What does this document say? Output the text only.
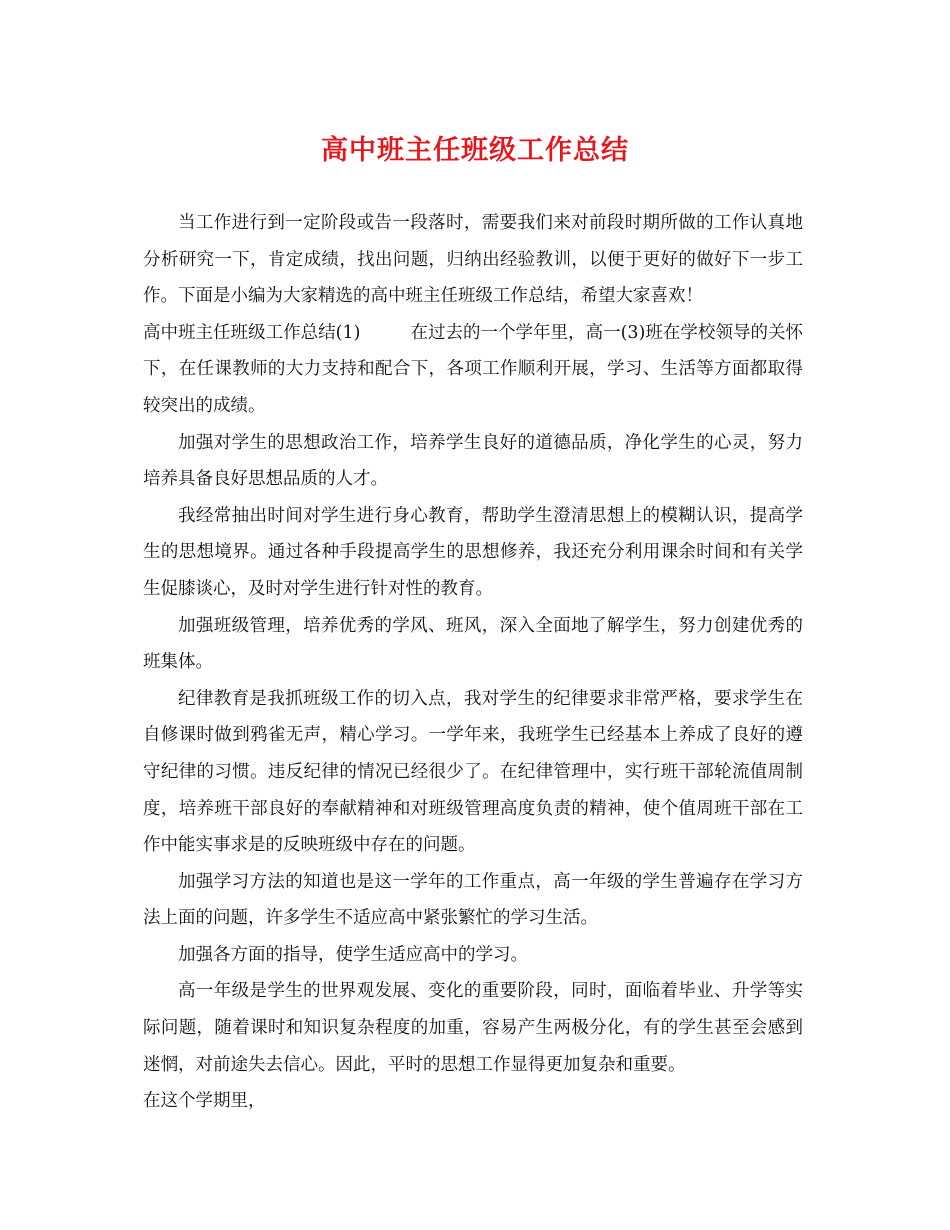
高中班主任班级工作总结

当工作进行到一定阶段或告一段落时，需要我们来对前段时期所做的工作认真地分析研究一下，肯定成绩，找出问题，归纳出经验教训，以便于更好的做好下一步工作。下面是小编为大家精选的高中班主任班级工作总结，希望大家喜欢！

高中班主任班级工作总结(1)	在过去的一个学年里，高一(3)班在学校领导的关怀下，在任课教师的大力支持和配合下，各项工作顺利开展，学习、生活等方面都取得较突出的成绩。

加强对学生的思想政治工作，培养学生良好的道德品质，净化学生的心灵，努力培养具备良好思想品质的人才。

我经常抽出时间对学生进行身心教育，帮助学生澄清思想上的模糊认识，提高学生的思想境界。通过各种手段提高学生的思想修养，我还充分利用课余时间和有关学生促膝谈心，及时对学生进行针对性的教育。

加强班级管理，培养优秀的学风、班风，深入全面地了解学生，努力创建优秀的班集体。

纪律教育是我抓班级工作的切入点，我对学生的纪律要求非常严格，要求学生在自修课时做到鸦雀无声，精心学习。一学年来，我班学生已经基本上养成了良好的遵守纪律的习惯。违反纪律的情况已经很少了。在纪律管理中，实行班干部轮流值周制度，培养班干部良好的奉献精神和对班级管理高度负责的精神，使个值周班干部在工作中能实事求是的反映班级中存在的问题。

加强学习方法的知道也是这一学年的工作重点，高一年级的学生普遍存在学习方法上面的问题，许多学生不适应高中紧张繁忙的学习生活。

加强各方面的指导，使学生适应高中的学习。

高一年级是学生的世界观发展、变化的重要阶段，同时，面临着毕业、升学等实际问题，随着课时和知识复杂程度的加重，容易产生两极分化，有的学生甚至会感到迷惘，对前途失去信心。因此，平时的思想工作显得更加复杂和重要。

在这个学期里，
